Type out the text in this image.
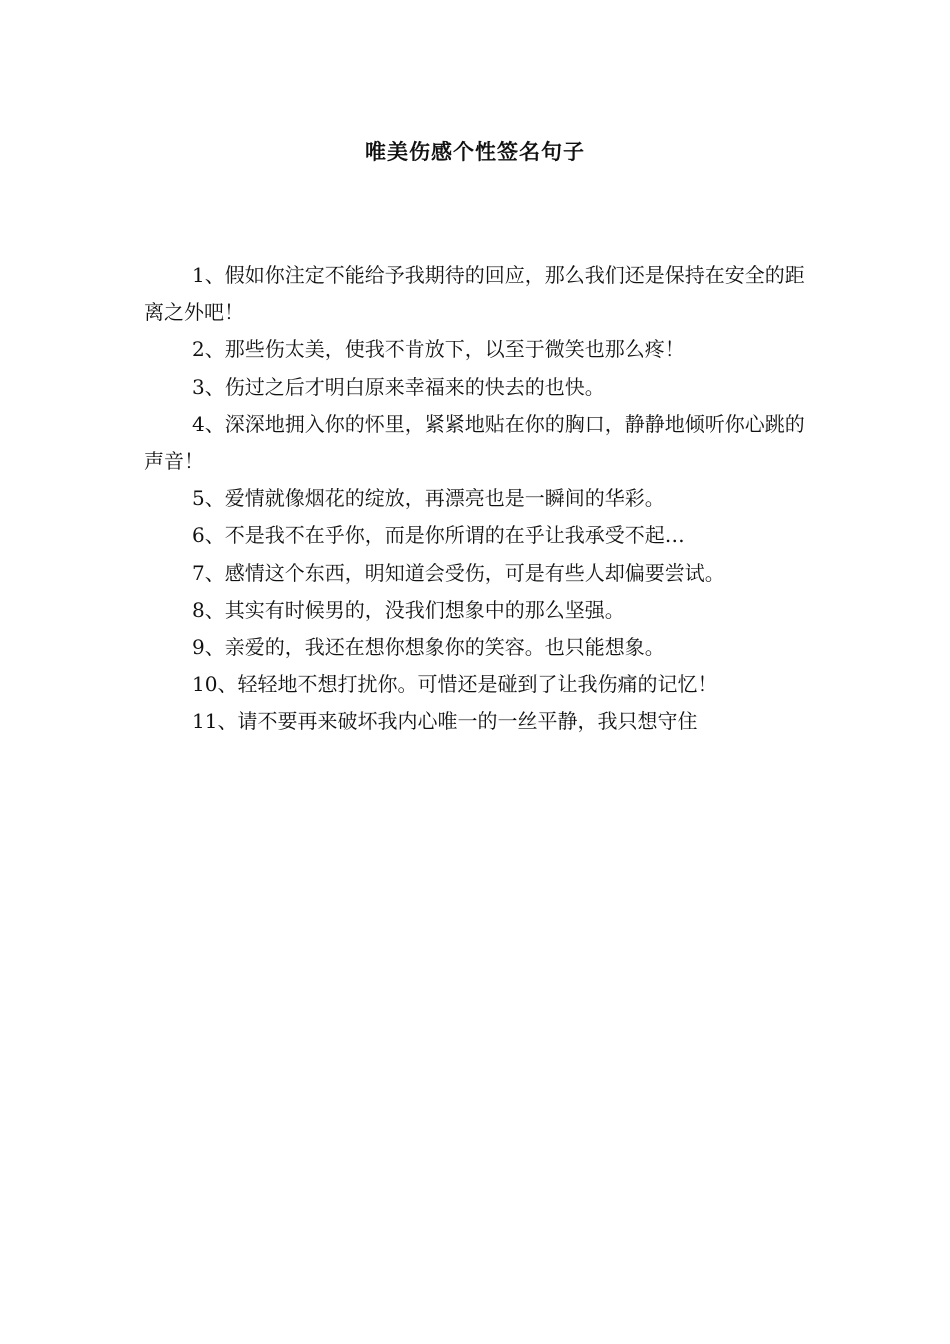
唯美伤感个性签名句子

1、假如你注定不能给予我期待的回应，那么我们还是保持在安全的距离之外吧！

2、那些伤太美，使我不肯放下，以至于微笑也那么疼！

3、伤过之后才明白原来幸福来的快去的也快。

4、深深地拥入你的怀里，紧紧地贴在你的胸口，静静地倾听你心跳的声音！

5、爱情就像烟花的绽放，再漂亮也是一瞬间的华彩。

6、不是我不在乎你，而是你所谓的在乎让我承受不起…

7、感情这个东西，明知道会受伤，可是有些人却偏要尝试。

8、其实有时候男的，没我们想象中的那么坚强。

9、亲爱的，我还在想你想象你的笑容。也只能想象。

10、轻轻地不想打扰你。可惜还是碰到了让我伤痛的记忆！

11、请不要再来破坏我内心唯一的一丝平静，我只想守住
